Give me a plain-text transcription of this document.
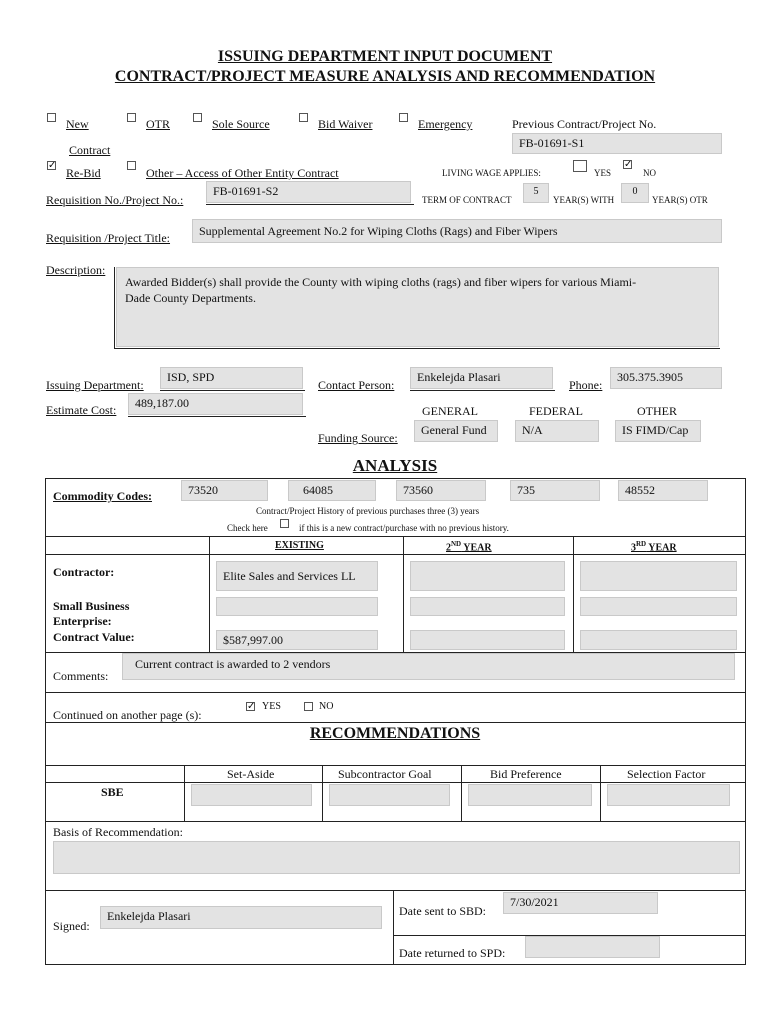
ISSUING DEPARTMENT INPUT DOCUMENT
CONTRACT/PROJECT MEASURE ANALYSIS AND RECOMMENDATION
New
Contract
OTR	Sole Source	Bid Waiver	Emergency	Previous Contract/Project No.
FB-01691-S1
✓
Re-Bid	Other – Access of Other Entity Contract	LIVING WAGE APPLIES:	YES
✓
NO
Requisition No./Project No.:
FB-01691-S2
TERM OF CONTRACT
5
YEAR(S) WITH
0
YEAR(S) OTR
Requisition /Project Title:	Supplemental Agreement No.2 for Wiping Cloths (Rags) and Fiber Wipers
Description:
Awarded Bidder(s) shall provide the County with wiping cloths (rags) and fiber wipers for various Miami-
Dade County Departments.
Issuing Department:
ISD, SPD
Contact Person:
Enkelejda Plasari
Phone:
305.375.3905
Estimate Cost:	489,187.00
GENERAL	FEDERAL	OTHER
Funding Source:
General Fund	N/A	IS FIMD/Cap
ANALYSIS
Commodity Codes:	73520	64085	73560	735	48552
Contract/Project History of previous purchases three (3) years
Check here	if this is a new contract/purchase with no previous history.
EXISTING	2ND YEAR	3RD YEAR
Contractor:	Elite Sales and Services LL
Small Business
Enterprise:
Contract Value:	$587,997.00
Comments:
Current contract is awarded to 2 vendors
Continued on another page (s):
✓ YES	NO
RECOMMENDATIONS
Set-Aside	Subcontractor Goal	Bid Preference	Selection Factor
SBE
Basis of Recommendation:
Signed:
Enkelejda Plasari	Date sent to SBD:
7/30/2021
Date returned to SPD:
